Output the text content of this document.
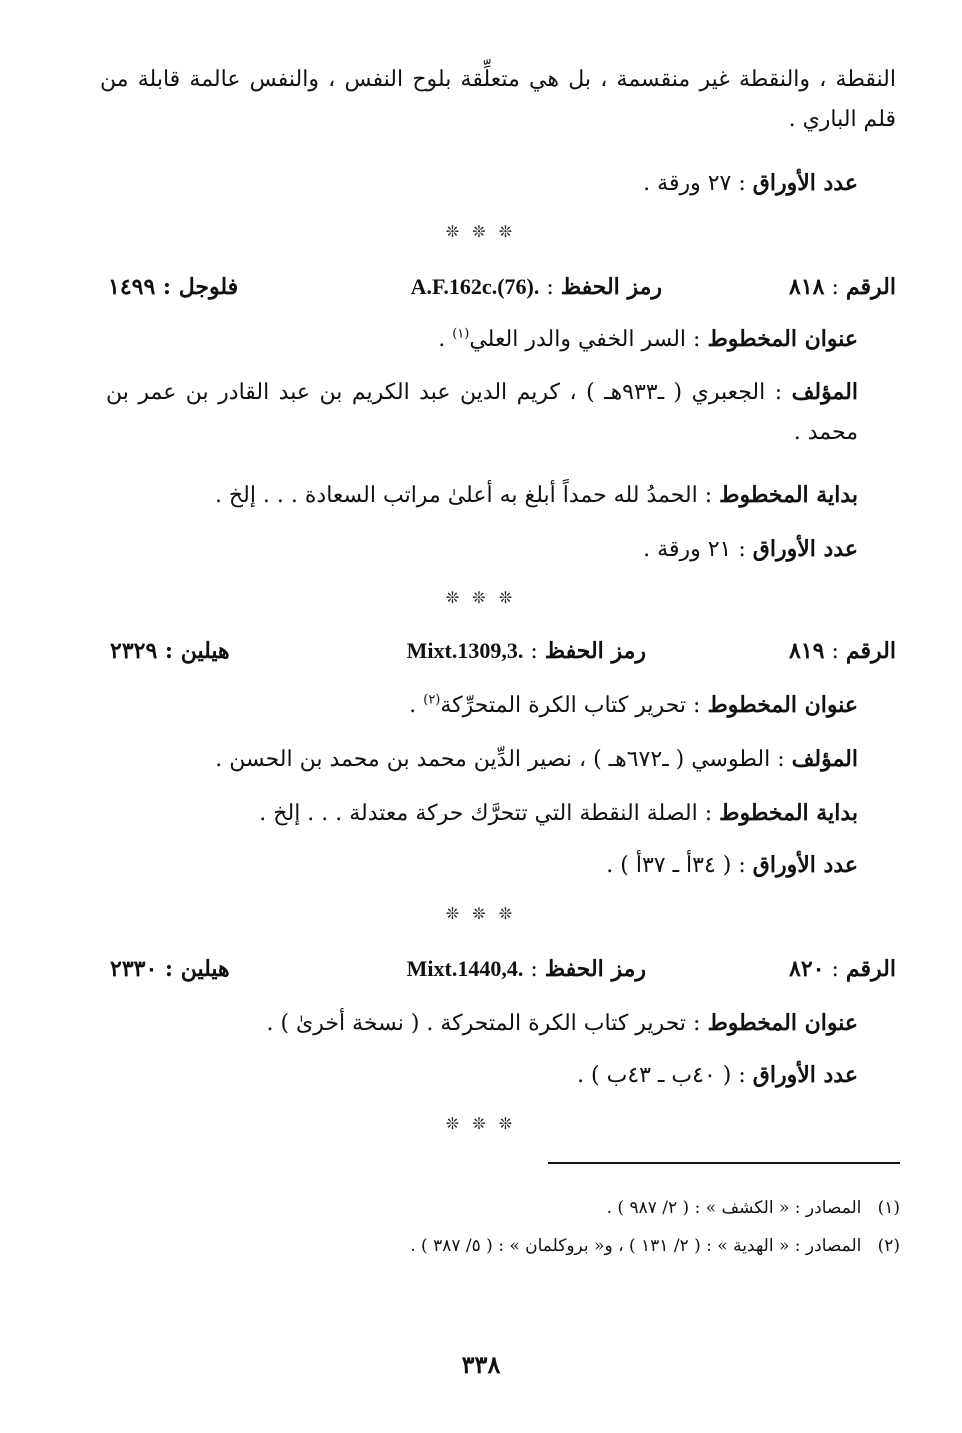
النقطة ، والنقطة غير منقسمة ، بل هي متعلِّقة بلوح النفس ، والنفس عالمة قابلة من قلم الباري .
عدد الأوراق : ٢٧ ورقة .
❊ ❊ ❊
الرقم : ٨١٨
رمز الحفظ : A.F.162c.(76).
فلوجل : ١٤٩٩
عنوان المخطوط : السر الخفي والدر العلي$^{(١)}$ .
المؤلف : الجعبري ( ـ٩٣٣هـ ) ، كريم الدين عبد الكريم بن عبد القادر بن عمر بن محمد .
بداية المخطوط : الحمدُ لله حمداً أبلغ به أعلىٰ مراتب السعادة . . . إلخ .
عدد الأوراق : ٢١ ورقة .
❊ ❊ ❊
الرقم : ٨١٩
رمز الحفظ : Mixt.1309,3.
هيلين : ٢٣٢٩
عنوان المخطوط : تحرير كتاب الكرة المتحرِّكة$^{(٢)}$ .
المؤلف : الطوسي ( ـ٦٧٢هـ ) ، نصير الدِّين محمد بن محمد بن الحسن .
بداية المخطوط : الصلة النقطة التي تتحرَّك حركة معتدلة . . . إلخ .
عدد الأوراق : ( ٣٤أ ـ ٣٧أ ) .
❊ ❊ ❊
الرقم : ٨٢٠
رمز الحفظ : Mixt.1440,4.
هيلين : ٢٣٣٠
عنوان المخطوط : تحرير كتاب الكرة المتحركة . ( نسخة أخرىٰ ) .
عدد الأوراق : ( ٤٠ب ـ ٤٣ب ) .
❊ ❊ ❊
(١)   المصادر : « الكشف » : ( ٢/ ٩٨٧ ) .
(٢)   المصادر : « الهدية » : ( ٢/ ١٣١ ) ، و« بروكلمان » : ( ٥/ ٣٨٧ ) .
٣٣٨
